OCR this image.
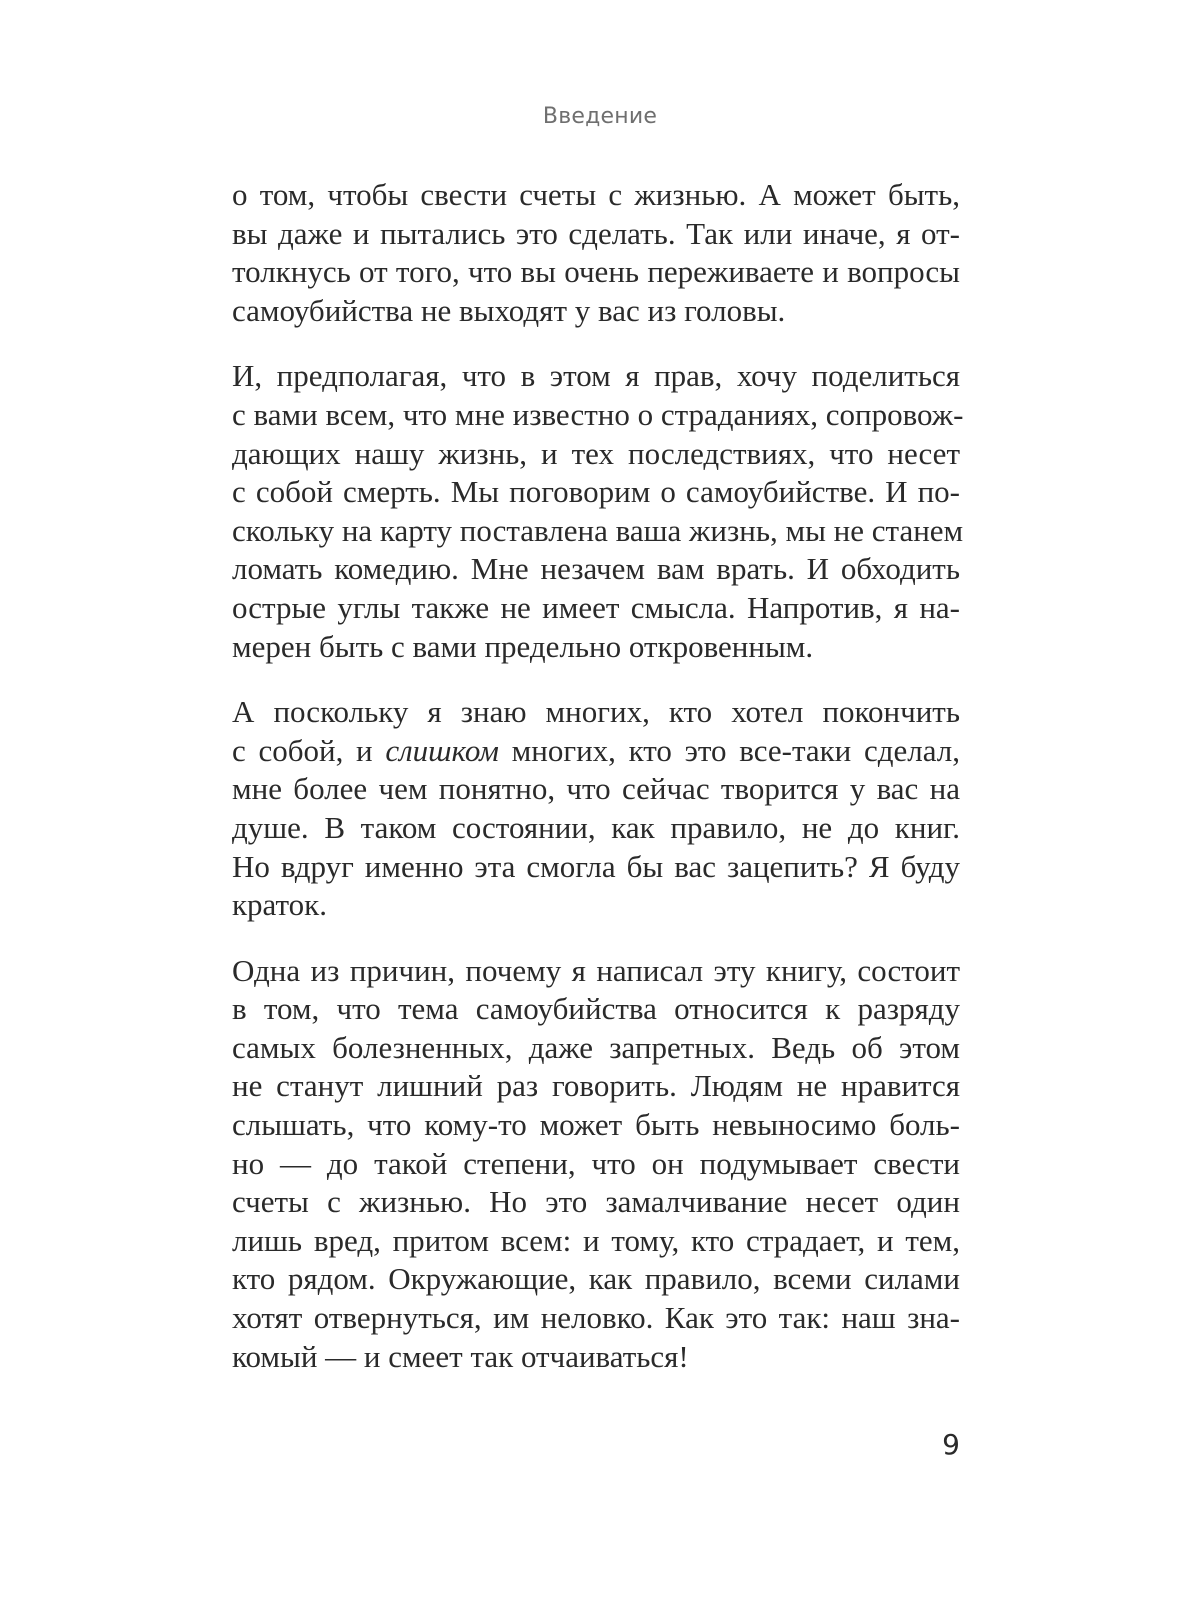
Введение
о том, чтобы свести счеты с жизнью. А может быть,
вы даже и пытались это сделать. Так или иначе, я от-
толкнусь от того, что вы очень переживаете и вопросы
самоубийства не выходят у вас из головы.
И, предполагая, что в этом я прав, хочу поделиться
с вами всем, что мне известно о страданиях, сопровож-
дающих нашу жизнь, и тех последствиях, что несет
с собой смерть. Мы поговорим о самоубийстве. И по-
скольку на карту поставлена ваша жизнь, мы не станем
ломать комедию. Мне незачем вам врать. И обходить
острые углы также не имеет смысла. Напротив, я на-
мерен быть с вами предельно откровенным.
А поскольку я знаю многих, кто хотел покончить
с собой, и слишком многих, кто это все-таки сделал,
мне более чем понятно, что сейчас творится у вас на
душе. В таком состоянии, как правило, не до книг.
Но вдруг именно эта смогла бы вас зацепить? Я буду
краток.
Одна из причин, почему я написал эту книгу, состоит
в том, что тема самоубийства относится к разряду
самых болезненных, даже запретных. Ведь об этом
не станут лишний раз говорить. Людям не нравится
слышать, что кому-то может быть невыносимо боль-
но — до такой степени, что он подумывает свести
счеты с жизнью. Но это замалчивание несет один
лишь вред, притом всем: и тому, кто страдает, и тем,
кто рядом. Окружающие, как правило, всеми силами
хотят отвернуться, им неловко. Как это так: наш зна-
комый — и смеет так отчаиваться!
9
